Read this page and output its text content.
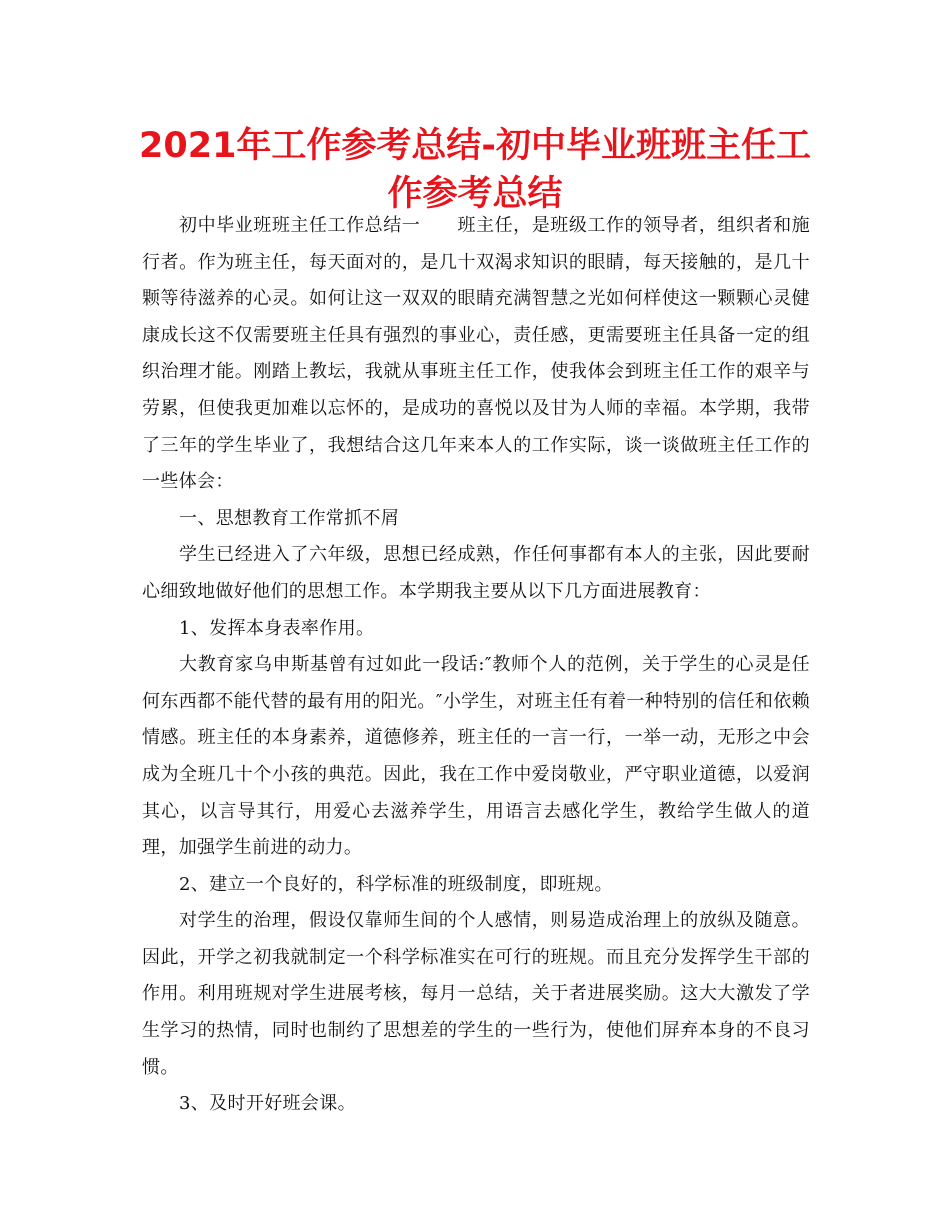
2021年工作参考总结-初中毕业班班主任工作参考总结

初中毕业班班主任工作总结一　　班主任，是班级工作的领导者，组织者和施行者。作为班主任，每天面对的，是几十双渴求知识的眼睛，每天接触的，是几十颗等待滋养的心灵。如何让这一双双的眼睛充满智慧之光如何样使这一颗颗心灵健康成长这不仅需要班主任具有强烈的事业心，责任感，更需要班主任具备一定的组织治理才能。刚踏上教坛，我就从事班主任工作，使我体会到班主任工作的艰辛与劳累，但使我更加难以忘怀的，是成功的喜悦以及甘为人师的幸福。本学期，我带了三年的学生毕业了，我想结合这几年来本人的工作实际，谈一谈做班主任工作的一些体会：

一、思想教育工作常抓不屑

学生已经进入了六年级，思想已经成熟，作任何事都有本人的主张，因此要耐心细致地做好他们的思想工作。本学期我主要从以下几方面进展教育：

1、发挥本身表率作用。

大教育家乌申斯基曾有过如此一段话:″教师个人的范例，关于学生的心灵是任何东西都不能代替的最有用的阳光。″小学生，对班主任有着一种特别的信任和依赖情感。班主任的本身素养，道德修养，班主任的一言一行，一举一动，无形之中会成为全班几十个小孩的典范。因此，我在工作中爱岗敬业，严守职业道德，以爱润其心，以言导其行，用爱心去滋养学生，用语言去感化学生，教给学生做人的道理，加强学生前进的动力。

2、建立一个良好的，科学标准的班级制度，即班规。

对学生的治理，假设仅靠师生间的个人感情，则易造成治理上的放纵及随意。因此，开学之初我就制定一个科学标准实在可行的班规。而且充分发挥学生干部的作用。利用班规对学生进展考核，每月一总结，关于者进展奖励。这大大激发了学生学习的热情，同时也制约了思想差的学生的一些行为，使他们屏弃本身的不良习惯。

3、及时开好班会课。
